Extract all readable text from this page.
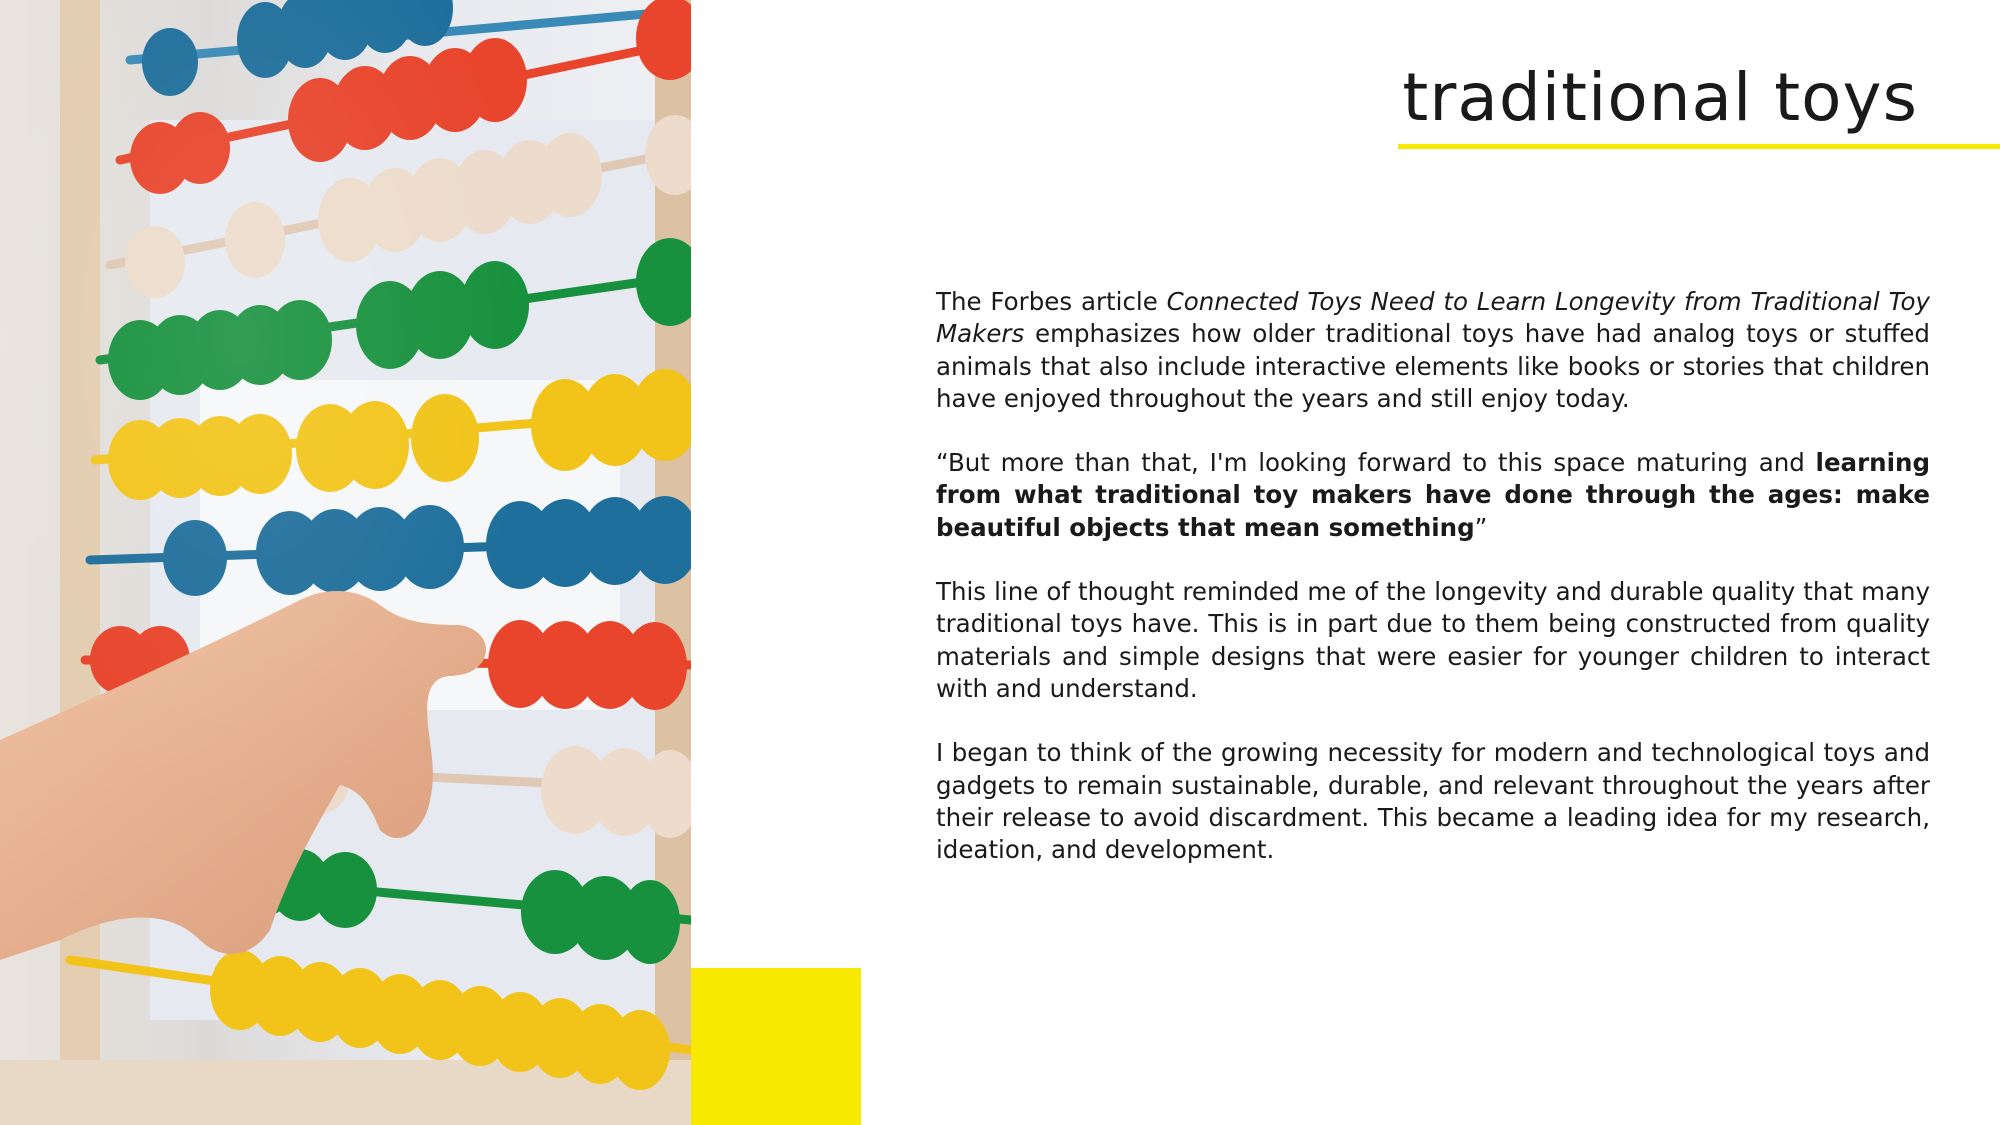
traditional toys

The Forbes article Connected Toys Need to Learn Longevity from Traditional Toy Makers emphasizes how older traditional toys have had analog toys or stuffed animals that also include interactive elements like books or stories that children have enjoyed throughout the years and still enjoy today.

“But more than that, I'm looking forward to this space maturing and learning from what traditional toy makers have done through the ages: make beautiful objects that mean something”

This line of thought reminded me of the longevity and durable quality that many traditional toys have. This is in part due to them being constructed from quality materials and simple designs that were easier for younger children to interact with and understand.

I began to think of the growing necessity for modern and technological toys and gadgets to remain sustainable, durable, and relevant throughout the years after their release to avoid discardment. This became a leading idea for my research, ideation, and development.
